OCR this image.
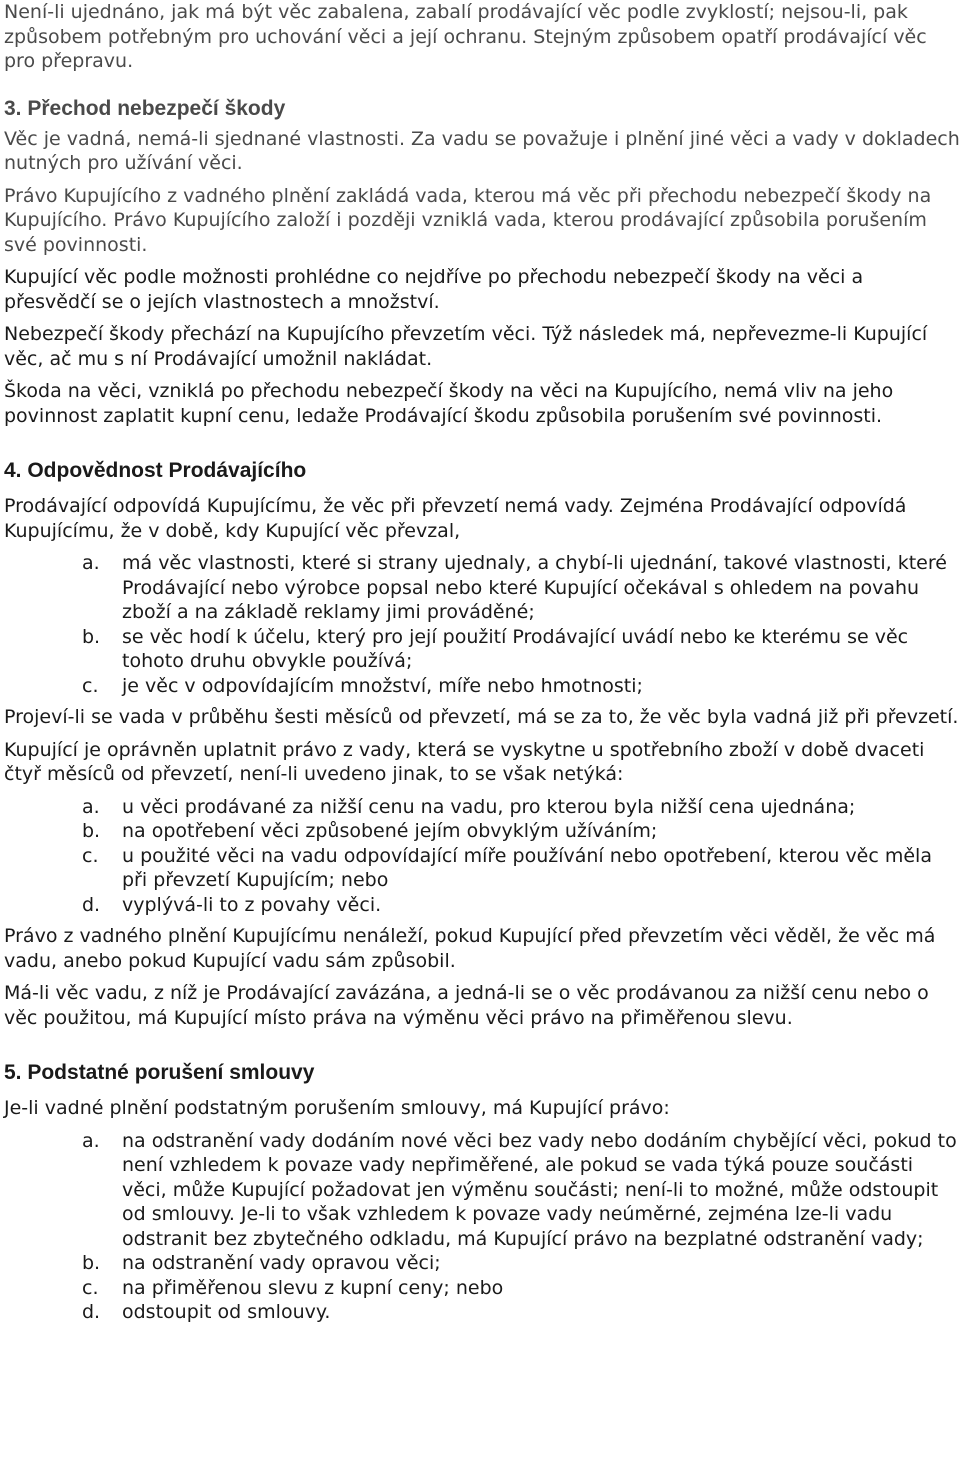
Není-li ujednáno, jak má být věc zabalena, zabalí prodávající věc podle zvyklostí; nejsou-li, pak způsobem potřebným pro uchování věci a její ochranu. Stejným způsobem opatří prodávající věc pro přepravu.

3. Přechod nebezpečí škody

Věc je vadná, nemá-li sjednané vlastnosti. Za vadu se považuje i plnění jiné věci a vady v dokladech nutných pro užívání věci.

Právo Kupujícího z vadného plnění zakládá vada, kterou má věc při přechodu nebezpečí škody na Kupujícího. Právo Kupujícího založí i později vzniklá vada, kterou prodávající způsobila porušením své povinnosti.

Kupující věc podle možnosti prohlédne co nejdříve po přechodu nebezpečí škody na věci a přesvědčí se o jejích vlastnostech a množství.

Nebezpečí škody přechází na Kupujícího převzetím věci. Týž následek má, nepřevezme-li Kupující věc, ač mu s ní Prodávající umožnil nakládat.

Škoda na věci, vzniklá po přechodu nebezpečí škody na věci na Kupujícího, nemá vliv na jeho povinnost zaplatit kupní cenu, ledaže Prodávající škodu způsobila porušením své povinnosti.

4. Odpovědnost Prodávajícího

Prodávající odpovídá Kupujícímu, že věc při převzetí nemá vady. Zejména Prodávající odpovídá Kupujícímu, že v době, kdy Kupující věc převzal,

a.	má věc vlastnosti, které si strany ujednaly, a chybí-li ujednání, takové vlastnosti, které Prodávající nebo výrobce popsal nebo které Kupující očekával s ohledem na povahu zboží a na základě reklamy jimi prováděné;
b.	se věc hodí k účelu, který pro její použití Prodávající uvádí nebo ke kterému se věc tohoto druhu obvykle používá;
c.	je věc v odpovídajícím množství, míře nebo hmotnosti;

Projeví-li se vada v průběhu šesti měsíců od převzetí, má se za to, že věc byla vadná již při převzetí.

Kupující je oprávněn uplatnit právo z vady, která se vyskytne u spotřebního zboží v době dvaceti čtyř měsíců od převzetí, není-li uvedeno jinak, to se však netýká:

a.	u věci prodávané za nižší cenu na vadu, pro kterou byla nižší cena ujednána;
b.	na opotřebení věci způsobené jejím obvyklým užíváním;
c.	u použité věci na vadu odpovídající míře používání nebo opotřebení, kterou věc měla při převzetí Kupujícím; nebo
d.	vyplývá-li to z povahy věci.

Právo z vadného plnění Kupujícímu nenáleží, pokud Kupující před převzetím věci věděl, že věc má vadu, anebo pokud Kupující vadu sám způsobil.

Má-li věc vadu, z níž je Prodávající zavázána, a jedná-li se o věc prodávanou za nižší cenu nebo o věc použitou, má Kupující místo práva na výměnu věci právo na přiměřenou slevu.

5. Podstatné porušení smlouvy

Je-li vadné plnění podstatným porušením smlouvy, má Kupující právo:

a.	na odstranění vady dodáním nové věci bez vady nebo dodáním chybějící věci, pokud to není vzhledem k povaze vady nepřiměřené, ale pokud se vada týká pouze součásti věci, může Kupující požadovat jen výměnu součásti; není-li to možné, může odstoupit od smlouvy. Je-li to však vzhledem k povaze vady neúměrné, zejména lze-li vadu odstranit bez zbytečného odkladu, má Kupující právo na bezplatné odstranění vady;
b.	na odstranění vady opravou věci;
c.	na přiměřenou slevu z kupní ceny; nebo
d.	odstoupit od smlouvy.
